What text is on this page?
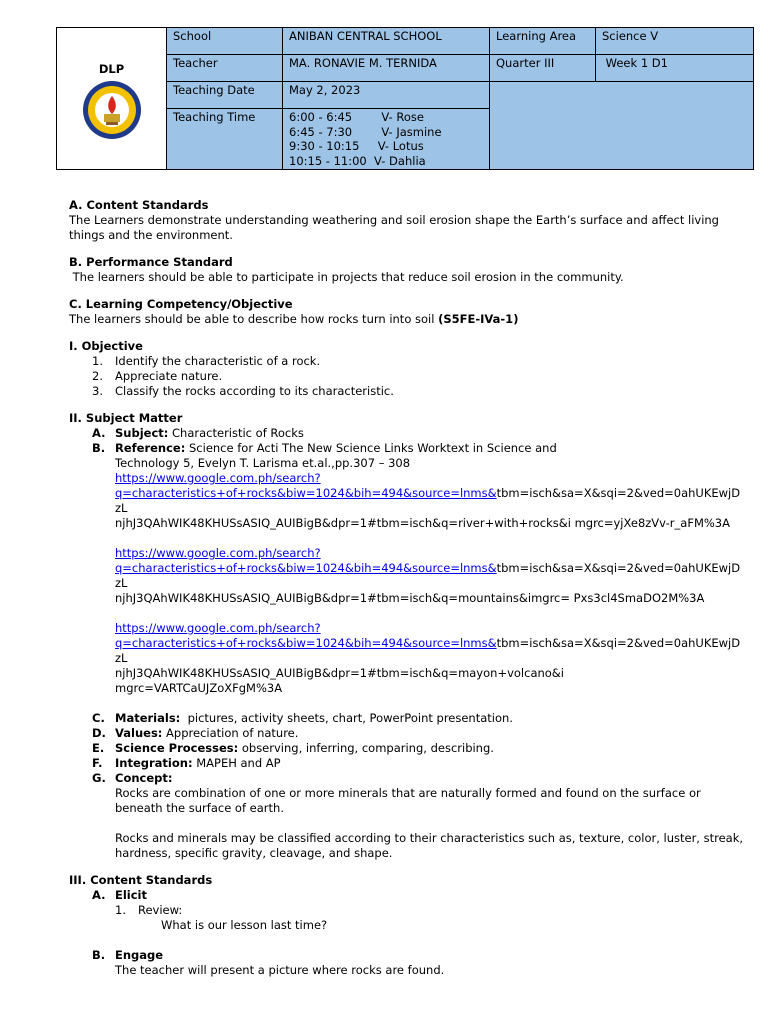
DLP	School	ANIBAN CENTRAL SCHOOL	Learning Area	Science V
	Teacher	MA. RONAVIE M. TERNIDA	Quarter III	Week 1 D1
	Teaching Date	May 2, 2023		
	Teaching Time	6:00 - 6:45        V- Rose
6:45 - 7:30        V- Jasmine
9:30 - 10:15     V- Lotus
10:15 - 11:00  V- Dahlia		
A. Content Standards
The Learners demonstrate understanding weathering and soil erosion shape the Earth’s surface and affect living things and the environment.
B. Performance Standard
The learners should be able to participate in projects that reduce soil erosion in the community.
C. Learning Competency/Objective
The learners should be able to describe how rocks turn into soil (S5FE-IVa-1)
I. Objective
1.	Identify the characteristic of a rock.
2.	Appreciate nature.
3.	Classify the rocks according to its characteristic.
II. Subject Matter
A. Subject: Characteristic of Rocks
B. Reference: Science for Acti The New Science Links Worktext in Science and
Technology 5, Evelyn T. Larisma et.al.,pp.307 – 308
https://www.google.com.ph/search?
q=characteristics+of+rocks&biw=1024&bih=494&source=lnms&tbm=isch&sa=X&sqi=2&ved=0ahUKEwjDzL
njhJ3QAhWIK48KHUSsASIQ_AUIBigB&dpr=1#tbm=isch&q=river+with+rocks&i mgrc=yjXe8zVv-r_aFM%3A
https://www.google.com.ph/search?
q=characteristics+of+rocks&biw=1024&bih=494&source=lnms&tbm=isch&sa=X&sqi=2&ved=0ahUKEwjDzL
njhJ3QAhWIK48KHUSsASIQ_AUIBigB&dpr=1#tbm=isch&q=mountains&imgrc= Pxs3cl4SmaDO2M%3A
https://www.google.com.ph/search?
q=characteristics+of+rocks&biw=1024&bih=494&source=lnms&tbm=isch&sa=X&sqi=2&ved=0ahUKEwjDzL
njhJ3QAhWIK48KHUSsASIQ_AUIBigB&dpr=1#tbm=isch&q=mayon+volcano&i
mgrc=VARTCaUJZoXFgM%3A
C. Materials:  pictures, activity sheets, chart, PowerPoint presentation.
D. Values: Appreciation of nature.
E. Science Processes: observing, inferring, comparing, describing.
F.	Integration: MAPEH and AP
G. Concept:
Rocks are combination of one or more minerals that are naturally formed and found on the surface or beneath the surface of earth.
Rocks and minerals may be classified according to their characteristics such as, texture, color, luster, streak, hardness, specific gravity, cleavage, and shape.
III. Content Standards
A. Elicit
1.	Review:
What is our lesson last time?
B. Engage
The teacher will present a picture where rocks are found.
